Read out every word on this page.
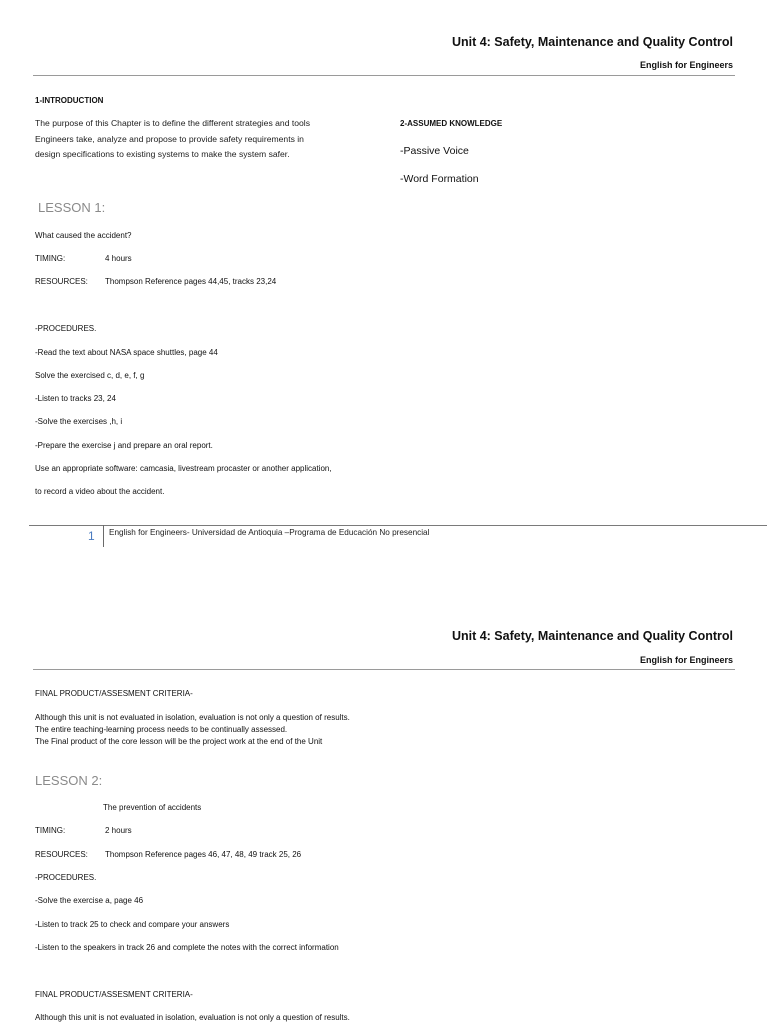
Unit 4: Safety, Maintenance and Quality Control
English for Engineers
1-INTRODUCTION
The purpose of this Chapter is to define the different strategies and tools
Engineers take, analyze and propose to provide safety requirements in
design specifications to existing systems to make the system safer.
2-ASSUMED KNOWLEDGE
-Passive Voice
-Word Formation
LESSON 1:
What caused the accident?
TIMING:	4 hours
RESOURCES: Thompson Reference pages 44,45, tracks 23,24
-PROCEDURES.
-Read the text about NASA space shuttles, page 44
Solve the exercised c, d, e, f, g
-Listen to tracks 23, 24
-Solve the exercises ,h, i
-Prepare the exercise j and prepare an oral report.
Use an appropriate software: camcasia, livestream procaster or another application,
to record a video about the accident.
1 English for Engineers- Universidad de Antioquia –Programa de Educación No presencial
Unit 4: Safety, Maintenance and Quality Control
English for Engineers
FINAL PRODUCT/ASSESMENT CRITERIA-
Although this unit is not evaluated in isolation, evaluation is not only a question of results.
The entire teaching-learning process needs to be continually assessed.
The Final product of the core lesson will be the project work at the end of the Unit
LESSON 2:
The prevention of accidents
TIMING:	2 hours
RESOURCES: Thompson Reference pages 46, 47, 48, 49 track 25, 26
-PROCEDURES.
-Solve the exercise a, page 46
-Listen to track 25 to check and compare your answers
-Listen to the speakers in track 26 and complete the notes with the correct information
FINAL PRODUCT/ASSESMENT CRITERIA-
Although this unit is not evaluated in isolation, evaluation is not only a question of results.
